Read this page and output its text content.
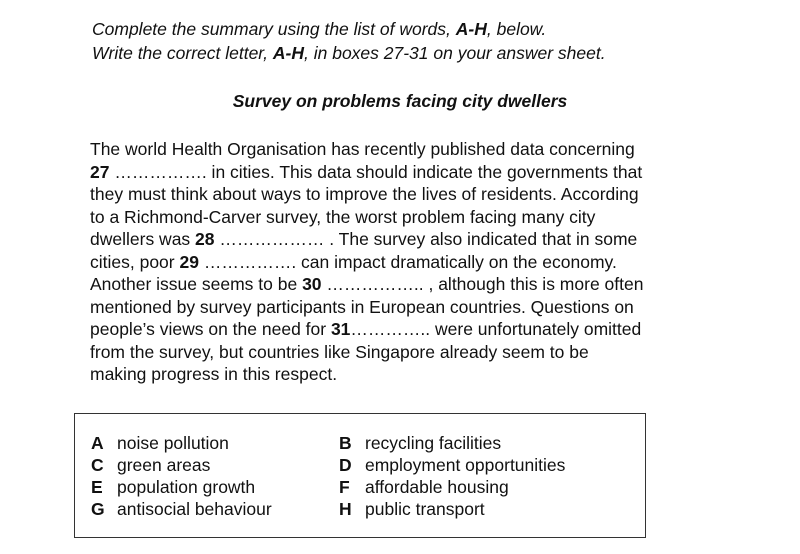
Complete the summary using the list of words, A-H, below.
Write the correct letter, A-H, in boxes 27-31 on your answer sheet.
Survey on problems facing city dwellers
The world Health Organisation has recently published data concerning
27 ……………. in cities. This data should indicate the governments that
they must think about ways to improve the lives of residents. According
to a Richmond-Carver survey, the worst problem facing many city
dwellers was 28 ……………… . The survey also indicated that in some
cities, poor 29 ……………. can impact dramatically on the economy.
Another issue seems to be 30 …………….. , although this is more often
mentioned by survey participants in European countries. Questions on
people’s views on the need for 31………….. were unfortunately omitted
from the survey, but countries like Singapore already seem to be
making progress in this respect.
A noise pollution	B recycling facilities
C green areas	D employment opportunities
E population growth	F affordable housing
G antisocial behaviour	H public transport
